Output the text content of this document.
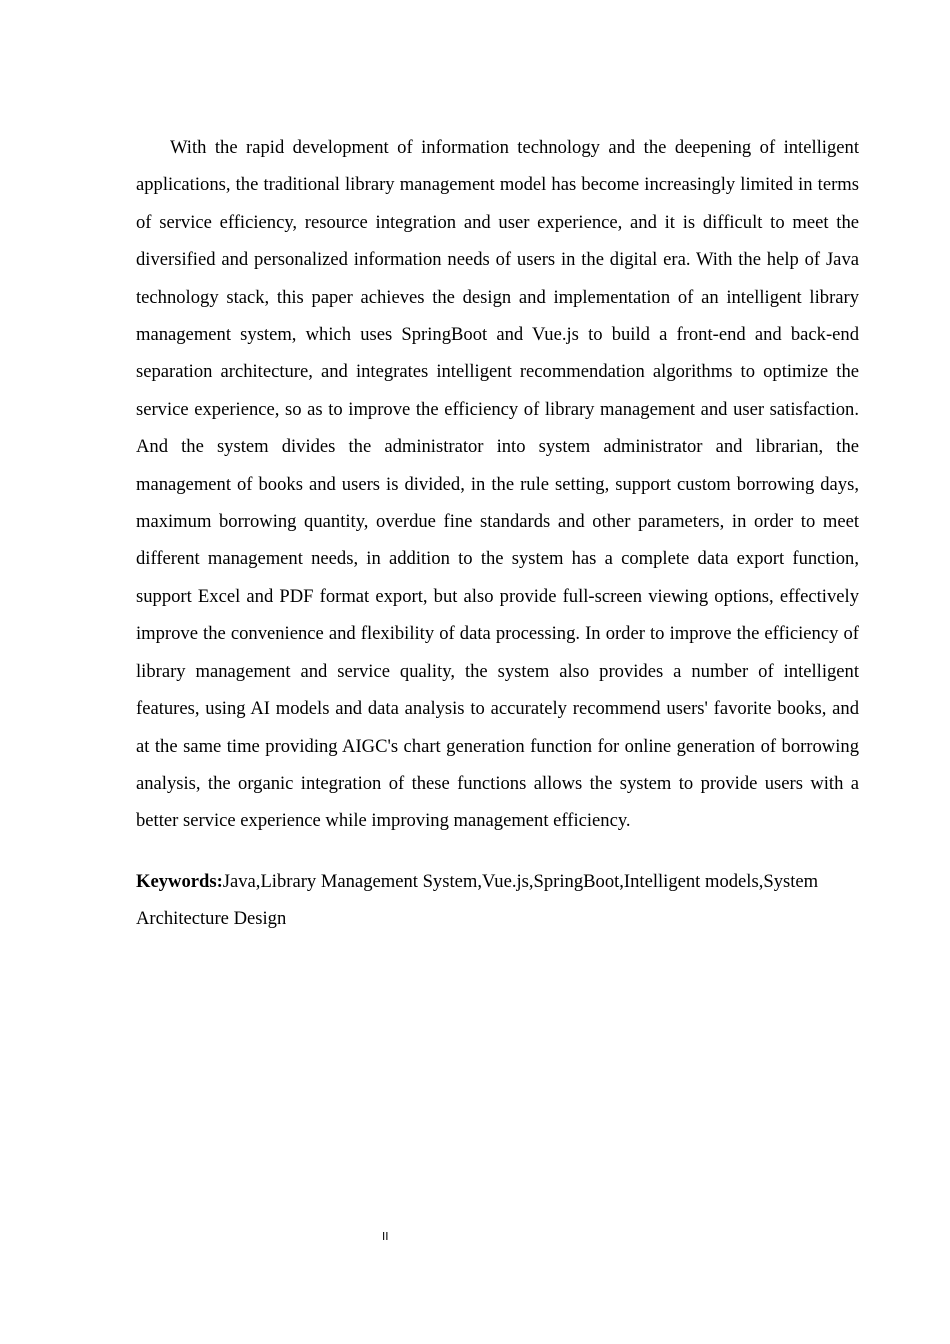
With the rapid development of information technology and the deepening of intelligent applications, the traditional library management model has become increasingly limited in terms of service efficiency, resource integration and user experience, and it is difficult to meet the diversified and personalized information needs of users in the digital era. With the help of Java technology stack, this paper achieves the design and implementation of an intelligent library management system, which uses SpringBoot and Vue.js to build a front-end and back-end separation architecture, and integrates intelligent recommendation algorithms to optimize the service experience, so as to improve the efficiency of library management and user satisfaction. And the system divides the administrator into system administrator and librarian, the management of books and users is divided, in the rule setting, support custom borrowing days, maximum borrowing quantity, overdue fine standards and other parameters, in order to meet different management needs, in addition to the system has a complete data export function, support Excel and PDF format export, but also provide full-screen viewing options, effectively improve the convenience and flexibility of data processing. In order to improve the efficiency of library management and service quality, the system also provides a number of intelligent features, using AI models and data analysis to accurately recommend users' favorite books, and at the same time providing AIGC's chart generation function for online generation of borrowing analysis, the organic integration of these functions allows the system to provide users with a better service experience while improving management efficiency.

Keywords:Java,Library Management System,Vue.js,SpringBoot,Intelligent models,System Architecture Design
II
